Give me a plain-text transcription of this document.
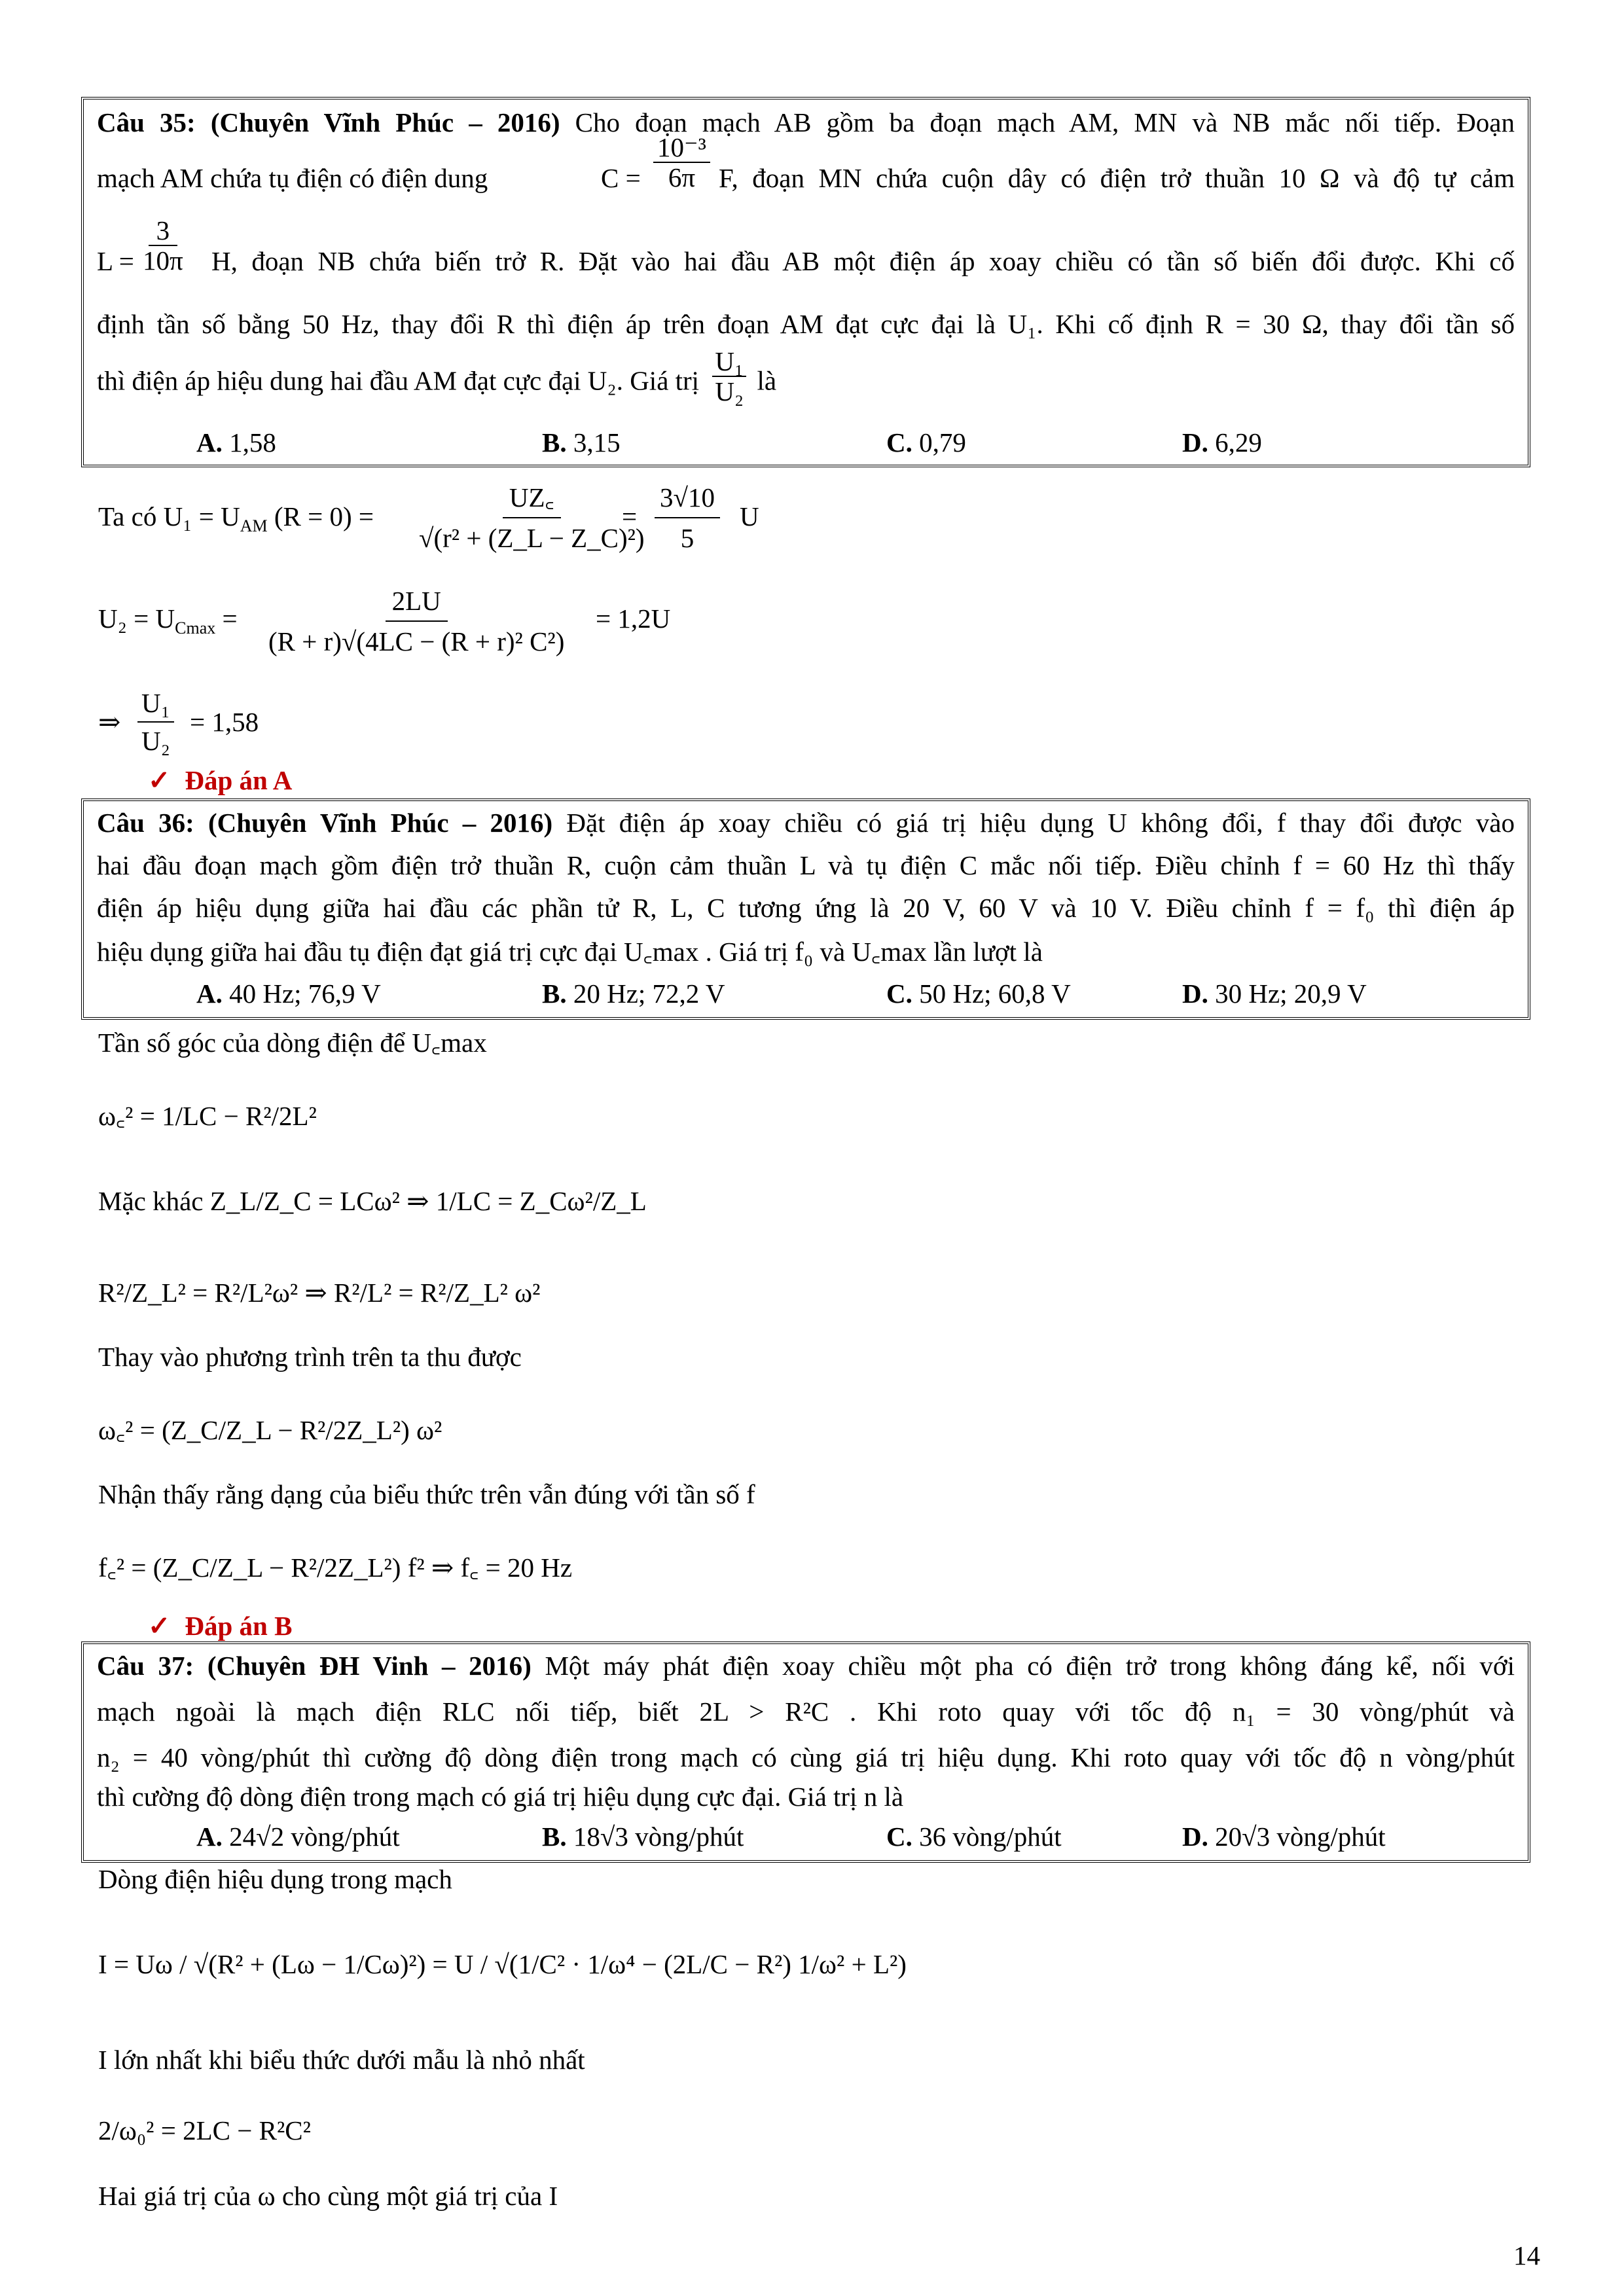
Câu 35: (Chuyên Vĩnh Phúc – 2016) Cho đoạn mạch AB gồm ba đoạn mạch AM, MN và NB mắc nối tiếp. Đoạn
mạch AM chứa tụ điện có điện dung	C =
10⁻³
6π F, đoạn MN chứa cuộn dây có điện trở thuần 10 Ω và độ tự cảm
L =
3
10π H, đoạn NB chứa biến trở R. Đặt vào hai đầu AB một điện áp xoay chiều có tần số biến đổi được. Khi cố
định tần số bằng 50 Hz, thay đổi R thì điện áp trên đoạn AM đạt cực đại là U₁. Khi cố định R = 30 Ω, thay đổi tần số
thì điện áp hiệu dung hai đầu AM đạt cực đại U₂. Giá trị $\frac{\text{U₁}}{\text{U₂}}$ là
A. 1,58	B. 3,15	C. 0,79	D. 6,29
Ta có $U_1 = U_{AM}$ (R = 0) =
UZ꜀
√(r² + (Z_L − Z_C)²)
=
3√10
5
U
$U_2 = U_{Cmax}$ =
2LU
(R + r)√(4LC − (R + r)² C²)
= 1,2U
⇒
U₁
U₂
= 1,58
✓ Đáp án A
Câu 36: (Chuyên Vĩnh Phúc – 2016) Đặt điện áp xoay chiều có giá trị hiệu dụng U không đổi, f thay đổi được vào
hai đầu đoạn mạch gồm điện trở thuần R, cuộn cảm thuần L và tụ điện C mắc nối tiếp. Điều chỉnh f = 60 Hz thì thấy
điện áp hiệu dụng giữa hai đầu các phần tử R, L, C tương ứng là 20 V, 60 V và 10 V. Điều chỉnh f = f₀ thì điện áp
hiệu dụng giữa hai đầu tụ điện đạt giá trị cực đại U꜀max . Giá trị f₀ và U꜀max lần lượt là
A. 40 Hz; 76,9 V	B. 20 Hz; 72,2 V	C. 50 Hz; 60,8 V	D. 30 Hz; 20,9 V
Tần số góc của dòng điện để U꜀max
ω꜀² = 1/LC − R²/2L²
Mặc khác Z_L/Z_C = LCω² ⇒ 1/LC = Z_Cω²/Z_L
R²/Z_L² = R²/L²ω² ⇒ R²/L² = R²/Z_L² ω²
Thay vào phương trình trên ta thu được
ω꜀² = (Z_C/Z_L − R²/2Z_L²) ω²
Nhận thấy rằng dạng của biểu thức trên vẫn đúng với tần số f
f꜀² = (Z_C/Z_L − R²/2Z_L²) f² ⇒ f꜀ = 20 Hz
✓ Đáp án B
Câu 37: (Chuyên ĐH Vinh – 2016) Một máy phát điện xoay chiều một pha có điện trở trong không đáng kể, nối với
mạch ngoài là mạch điện RLC nối tiếp, biết 2L > R²C . Khi roto quay với tốc độ n₁ = 30 vòng/phút và
n₂ = 40 vòng/phút thì cường độ dòng điện trong mạch có cùng giá trị hiệu dụng. Khi roto quay với tốc độ n vòng/phút
thì cường độ dòng điện trong mạch có giá trị hiệu dụng cực đại. Giá trị n là
A. 24√2 vòng/phút	B. 18√3 vòng/phút	C. 36 vòng/phút	D. 20√3 vòng/phút
Dòng điện hiệu dụng trong mạch
I = Uω / √(R² + (Lω − 1/Cω)²) = U / √(1/C² · 1/ω⁴ − (2L/C − R²) 1/ω² + L²)
I lớn nhất khi biểu thức dưới mẫu là nhỏ nhất
2/ω₀² = 2LC − R²C²
Hai giá trị của ω cho cùng một giá trị của I
14
